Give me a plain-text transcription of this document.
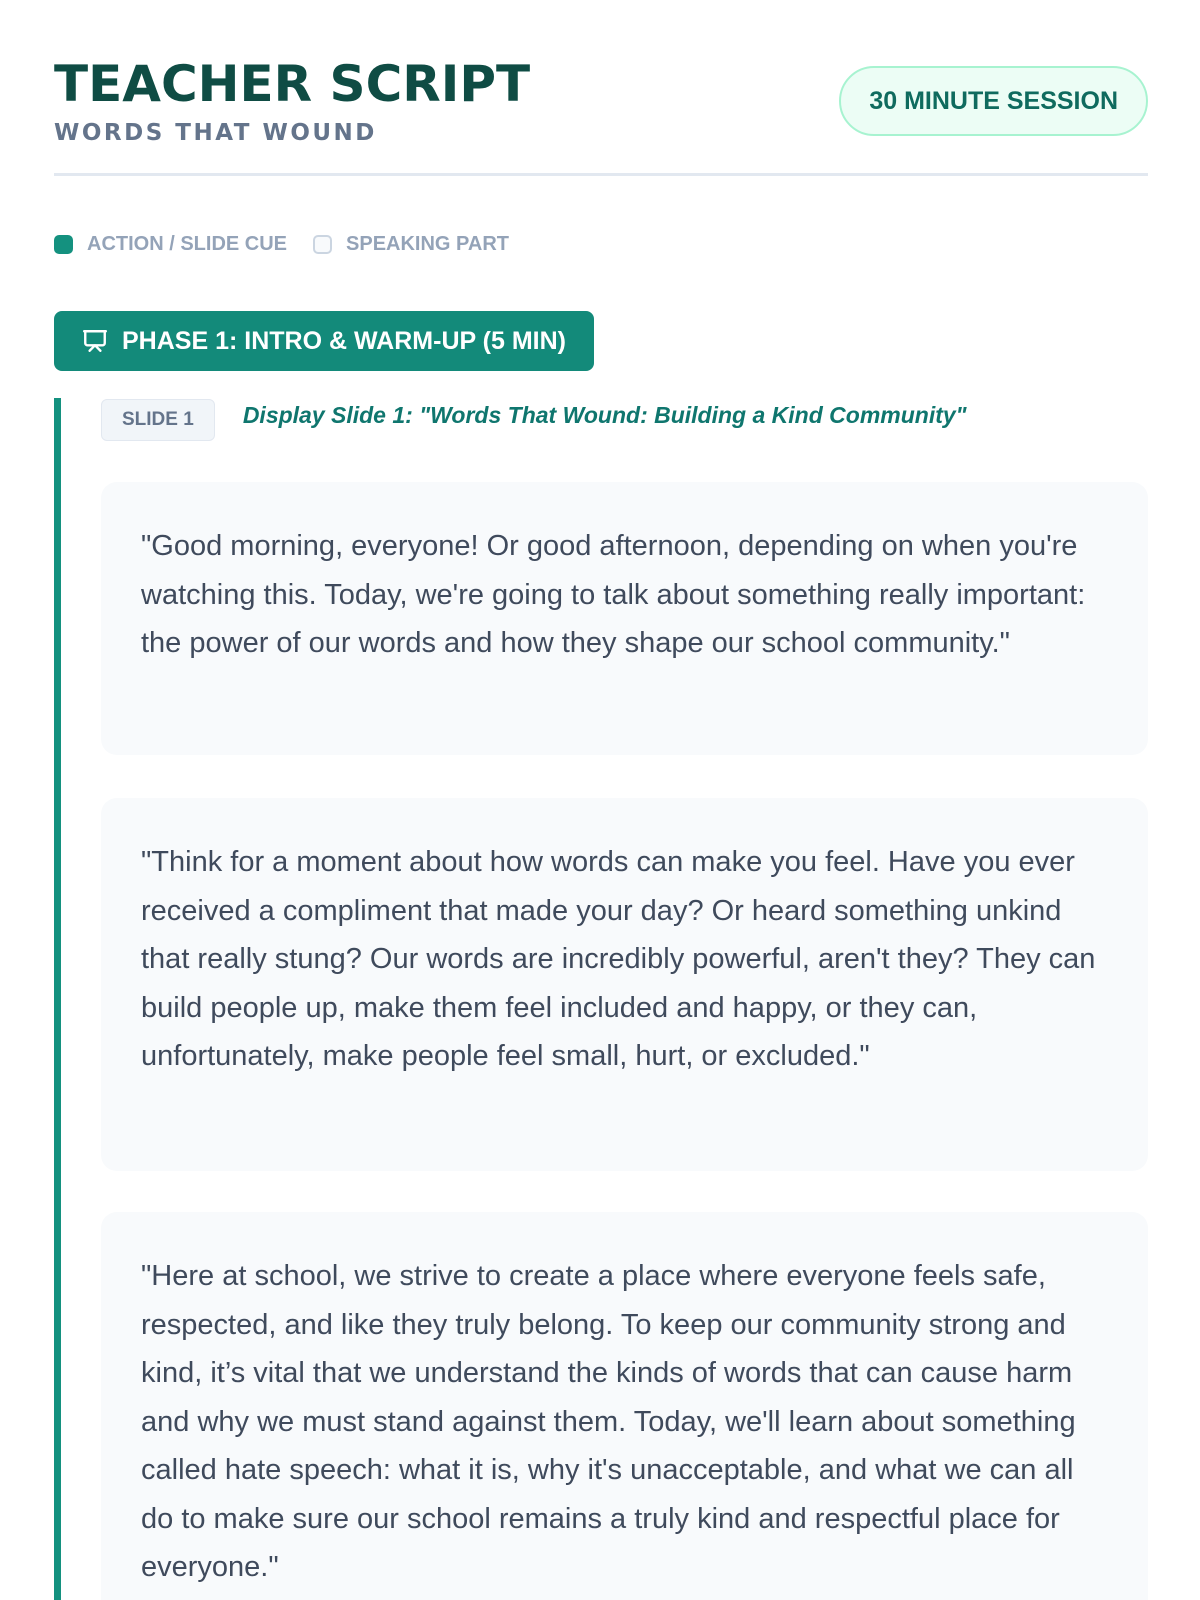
TEACHER SCRIPT
WORDS THAT WOUND
30 MINUTE SESSION
ACTION / SLIDE CUE	SPEAKING PART
PHASE 1: INTRO & WARM-UP (5 MIN)
SLIDE 1	Display Slide 1: "Words That Wound: Building a Kind Community"

"Good morning, everyone! Or good afternoon, depending on when you're watching this. Today, we're going to talk about something really important: the power of our words and how they shape our school community."

"Think for a moment about how words can make you feel. Have you ever received a compliment that made your day? Or heard something unkind that really stung? Our words are incredibly powerful, aren't they? They can build people up, make them feel included and happy, or they can, unfortunately, make people feel small, hurt, or excluded."

"Here at school, we strive to create a place where everyone feels safe, respected, and like they truly belong. To keep our community strong and kind, it’s vital that we understand the kinds of words that can cause harm and why we must stand against them. Today, we'll learn about something called hate speech: what it is, why it's unacceptable, and what we can all do to make sure our school remains a truly kind and respectful place for everyone."
